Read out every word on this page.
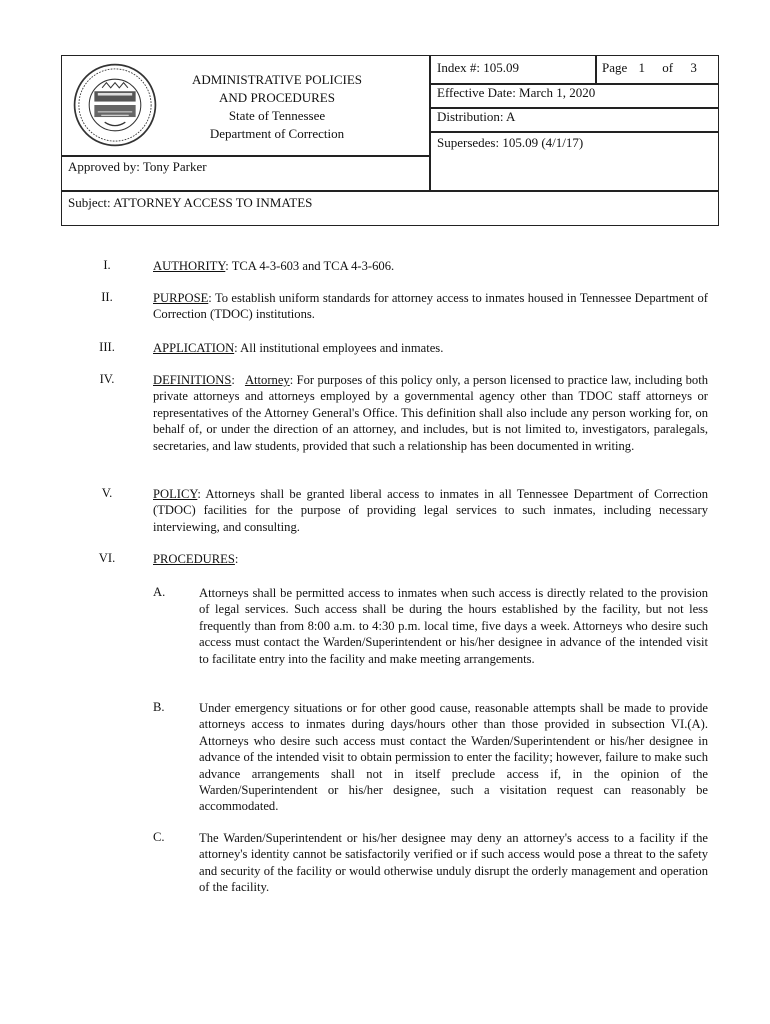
ADMINISTRATIVE POLICIES
AND PROCEDURES
State of Tennessee
Department of Correction
Index #: 105.09	Page 1 of 3
Effective Date: March 1, 2020
Distribution: A
Supersedes: 105.09 (4/1/17)
Approved by: Tony Parker
Subject: ATTORNEY ACCESS TO INMATES
I.	AUTHORITY: TCA 4-3-603 and TCA 4-3-606.
II.	PURPOSE: To establish uniform standards for attorney access to inmates housed in Tennessee Department of Correction (TDOC) institutions.
III.	APPLICATION: All institutional employees and inmates.
IV.	DEFINITIONS:   Attorney: For purposes of this policy only, a person licensed to practice law, including both private attorneys and attorneys employed by a governmental agency other than TDOC staff attorneys or representatives of the Attorney General's Office. This definition shall also include any person working for, on behalf of, or under the direction of an attorney, and includes, but is not limited to, investigators, paralegals, secretaries, and law students, provided that such a relationship has been documented in writing.
V.	POLICY: Attorneys shall be granted liberal access to inmates in all Tennessee Department of Correction (TDOC) facilities for the purpose of providing legal services to such inmates, including necessary interviewing, and consulting.
VI.	PROCEDURES:
A.	Attorneys shall be permitted access to inmates when such access is directly related to the provision of legal services. Such access shall be during the hours established by the facility, but not less frequently than from 8:00 a.m. to 4:30 p.m. local time, five days a week. Attorneys who desire such access must contact the Warden/Superintendent or his/her designee in advance of the intended visit to facilitate entry into the facility and make meeting arrangements.
B.	Under emergency situations or for other good cause, reasonable attempts shall be made to provide attorneys access to inmates during days/hours other than those provided in subsection VI.(A). Attorneys who desire such access must contact the Warden/Superintendent or his/her designee in advance of the intended visit to obtain permission to enter the facility; however, failure to make such advance arrangements shall not in itself preclude access if, in the opinion of the Warden/Superintendent or his/her designee, such a visitation request can reasonably be accommodated.
C.	The Warden/Superintendent or his/her designee may deny an attorney's access to a facility if the attorney's identity cannot be satisfactorily verified or if such access would pose a threat to the safety and security of the facility or would otherwise unduly disrupt the orderly management and operation of the facility.
